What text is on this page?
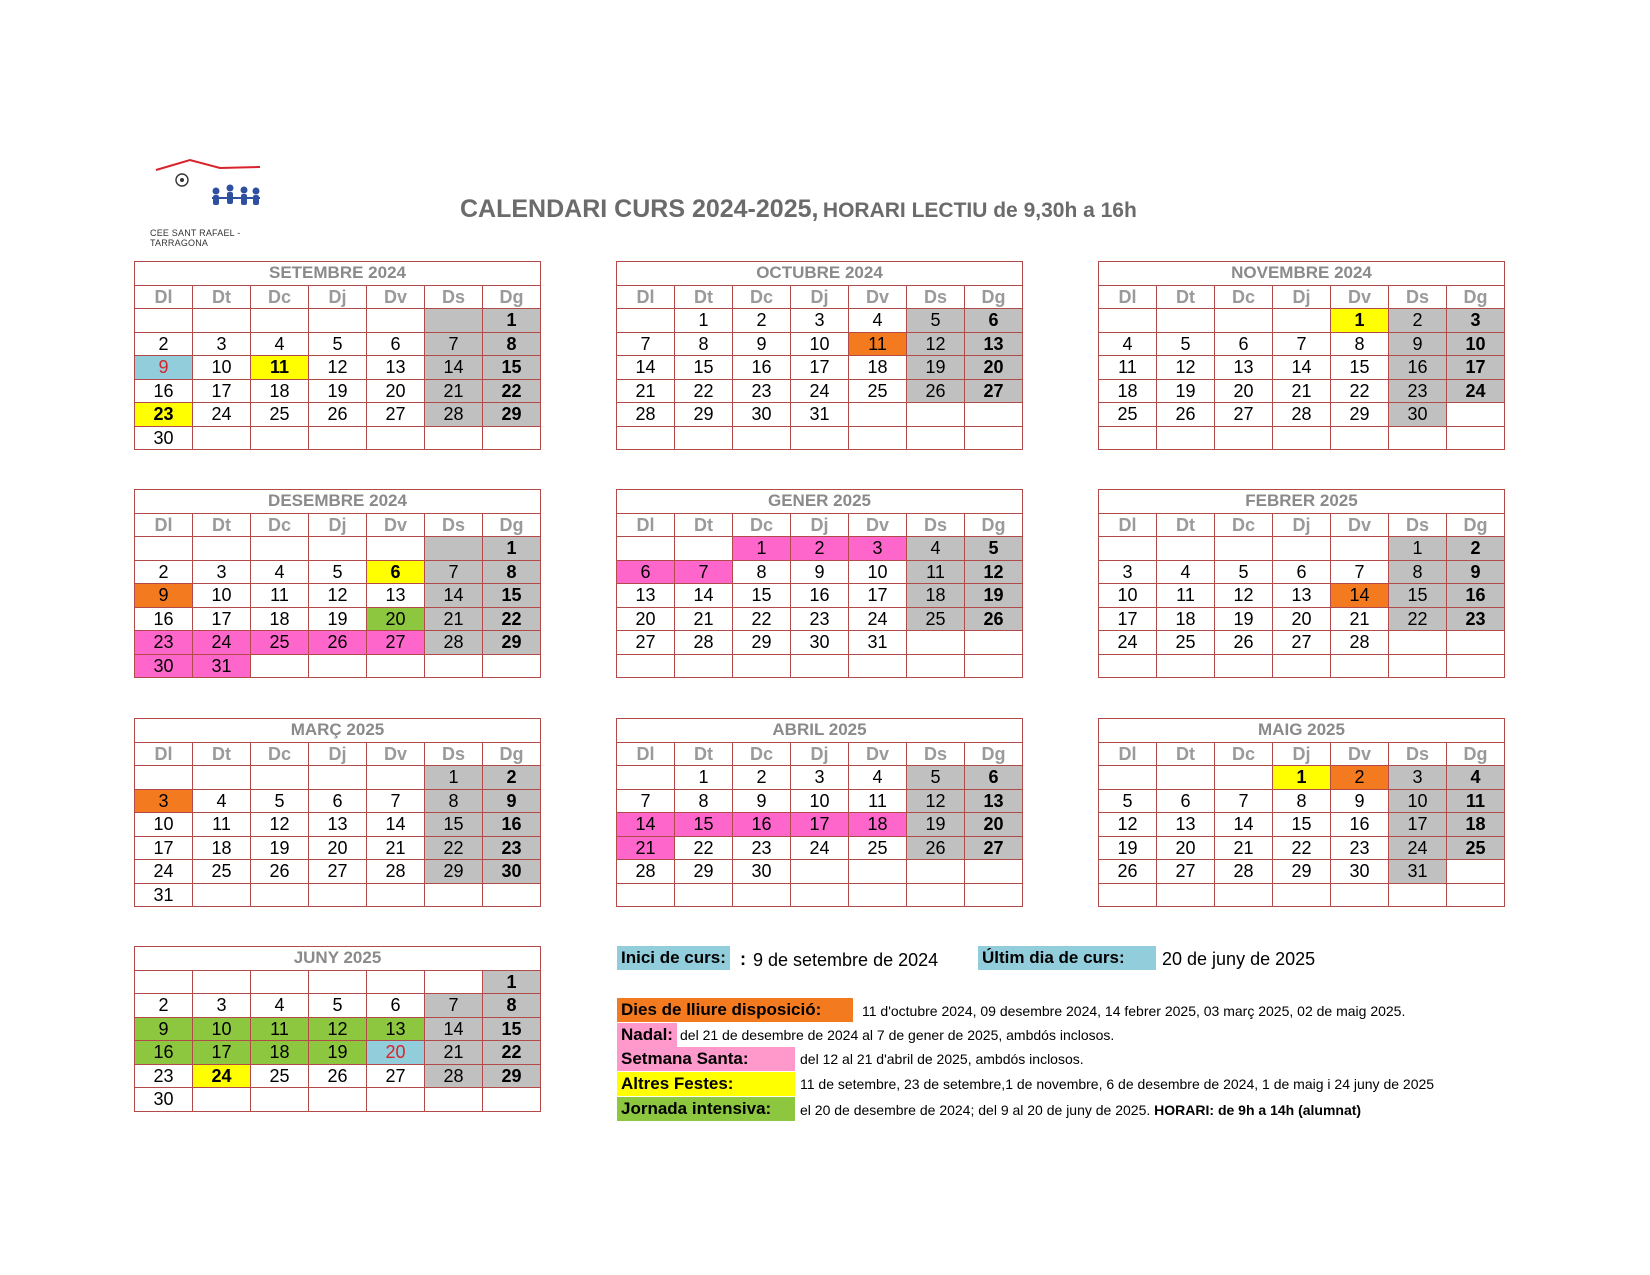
CEE SANT RAFAEL - TARRAGONA
CALENDARI CURS 2024-2025, HORARI LECTIU de 9,30h a 16h
SETEMBRE 2024						
Dl	Dt	Dc	Dj	Dv	Ds	Dg
						1
2	3	4	5	6	7	8
9	10	11	12	13	14	15
16	17	18	19	20	21	22
23	24	25	26	27	28	29
30						
OCTUBRE 2024						
Dl	Dt	Dc	Dj	Dv	Ds	Dg
	1	2	3	4	5	6
7	8	9	10	11	12	13
14	15	16	17	18	19	20
21	22	23	24	25	26	27
28	29	30	31			

NOVEMBRE 2024						
Dl	Dt	Dc	Dj	Dv	Ds	Dg
				1	2	3
4	5	6	7	8	9	10
11	12	13	14	15	16	17
18	19	20	21	22	23	24
25	26	27	28	29	30	

DESEMBRE 2024						
Dl	Dt	Dc	Dj	Dv	Ds	Dg
						1
2	3	4	5	6	7	8
9	10	11	12	13	14	15
16	17	18	19	20	21	22
23	24	25	26	27	28	29
30	31					
GENER 2025						
Dl	Dt	Dc	Dj	Dv	Ds	Dg
		1	2	3	4	5
6	7	8	9	10	11	12
13	14	15	16	17	18	19
20	21	22	23	24	25	26
27	28	29	30	31		

FEBRER 2025						
Dl	Dt	Dc	Dj	Dv	Ds	Dg
					1	2
3	4	5	6	7	8	9
10	11	12	13	14	15	16
17	18	19	20	21	22	23
24	25	26	27	28		

MARÇ 2025						
Dl	Dt	Dc	Dj	Dv	Ds	Dg
					1	2
3	4	5	6	7	8	9
10	11	12	13	14	15	16
17	18	19	20	21	22	23
24	25	26	27	28	29	30
31						
ABRIL 2025						
Dl	Dt	Dc	Dj	Dv	Ds	Dg
	1	2	3	4	5	6
7	8	9	10	11	12	13
14	15	16	17	18	19	20
21	22	23	24	25	26	27
28	29	30				

MAIG 2025						
Dl	Dt	Dc	Dj	Dv	Ds	Dg
			1	2	3	4
5	6	7	8	9	10	11
12	13	14	15	16	17	18
19	20	21	22	23	24	25
26	27	28	29	30	31	

JUNY 2025						
						1
2	3	4	5	6	7	8
9	10	11	12	13	14	15
16	17	18	19	20	21	22
23	24	25	26	27	28	29
30						
Inici de curs: : 9 de setembre de 2024	Últim dia de curs:	20 de juny de 2025
Dies de lliure disposició:	11 d'octubre 2024, 09 desembre 2024, 14 febrer 2025, 03 març 2025, 02 de maig 2025.
Nadal: del 21 de desembre de 2024 al 7 de gener de 2025, ambdós inclosos.
Setmana Santa:	del 12 al 21 d'abril de 2025, ambdós inclosos.
Altres Festes:	11 de setembre, 23 de setembre,1 de novembre, 6 de desembre de 2024, 1 de maig i 24 juny de 2025
Jornada intensiva:	el 20 de desembre de 2024; del 9 al 20 de juny de 2025. HORARI: de 9h a 14h (alumnat)
